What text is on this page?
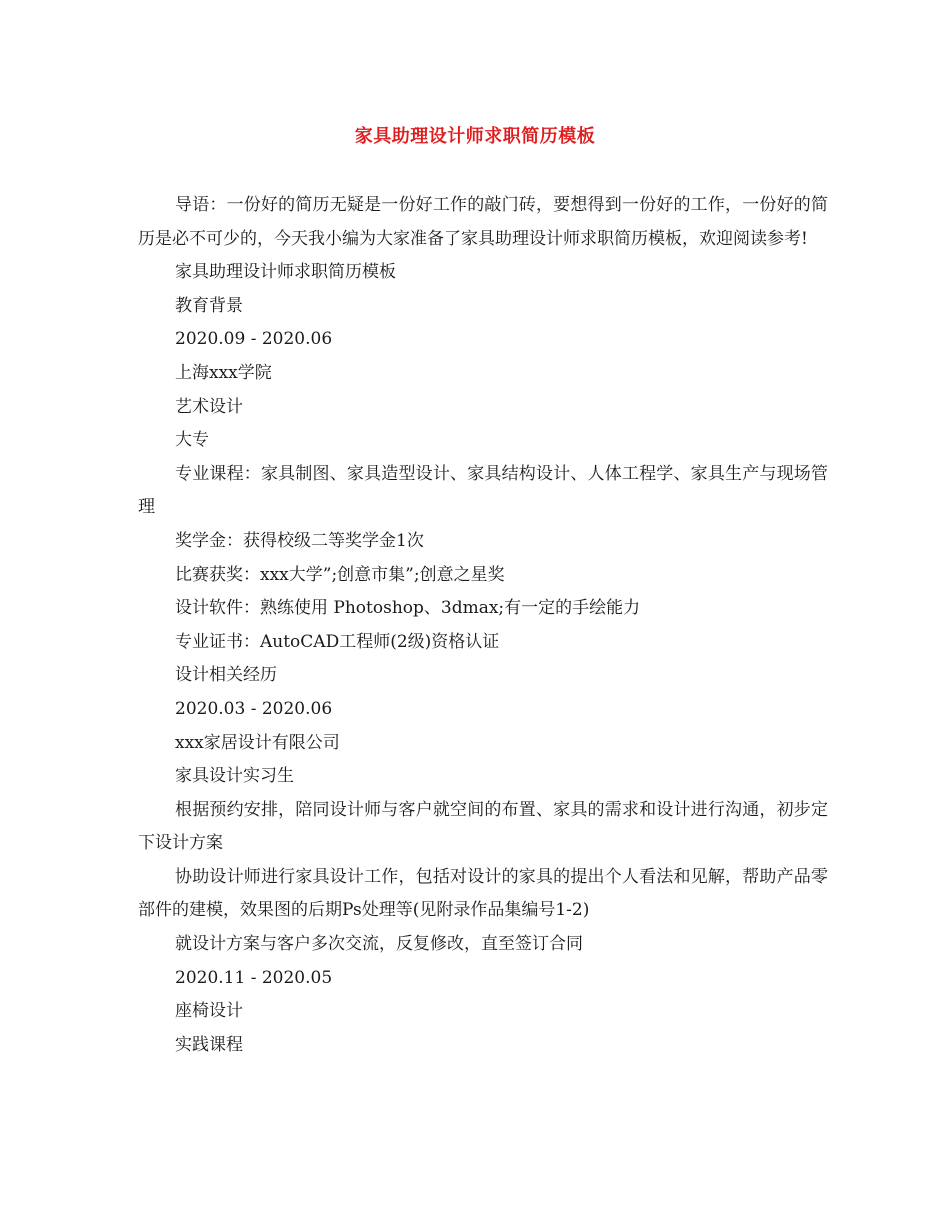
家具助理设计师求职简历模板

导语：一份好的简历无疑是一份好工作的敲门砖，要想得到一份好的工作，一份好的简历是必不可少的，今天我小编为大家准备了家具助理设计师求职简历模板，欢迎阅读参考!

家具助理设计师求职简历模板

教育背景

2020.09 - 2020.06

上海xxx学院

艺术设计

大专

专业课程：家具制图、家具造型设计、家具结构设计、人体工程学、家具生产与现场管理

奖学金：获得校级二等奖学金1次

比赛获奖：xxx大学”;创意市集”;创意之星奖

设计软件：熟练使用 Photoshop、3dmax;有一定的手绘能力

专业证书：AutoCAD工程师(2级)资格认证

设计相关经历

2020.03 - 2020.06

xxx家居设计有限公司

家具设计实习生

根据预约安排，陪同设计师与客户就空间的布置、家具的需求和设计进行沟通，初步定下设计方案

协助设计师进行家具设计工作，包括对设计的家具的提出个人看法和见解，帮助产品零部件的建模，效果图的后期Ps处理等(见附录作品集编号1-2)

就设计方案与客户多次交流，反复修改，直至签订合同

2020.11 - 2020.05

座椅设计

实践课程
